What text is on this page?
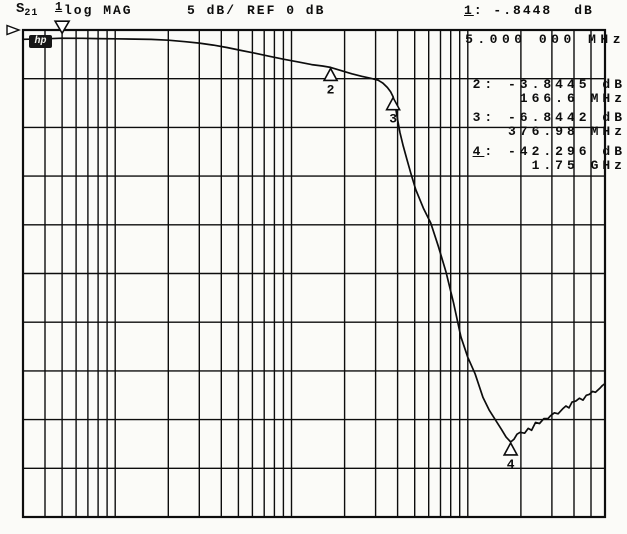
2
3
4
$S_{21}$ 1 log MAG	5 dB/ REF 0 dB	1: -.8448 dB
5.000 000 MHz
2: -3.8445 dB
166.6 MHz
3: -6.8442 dB
376.98 MHz
4: -42.296 dB
1.75 GHz
hp
